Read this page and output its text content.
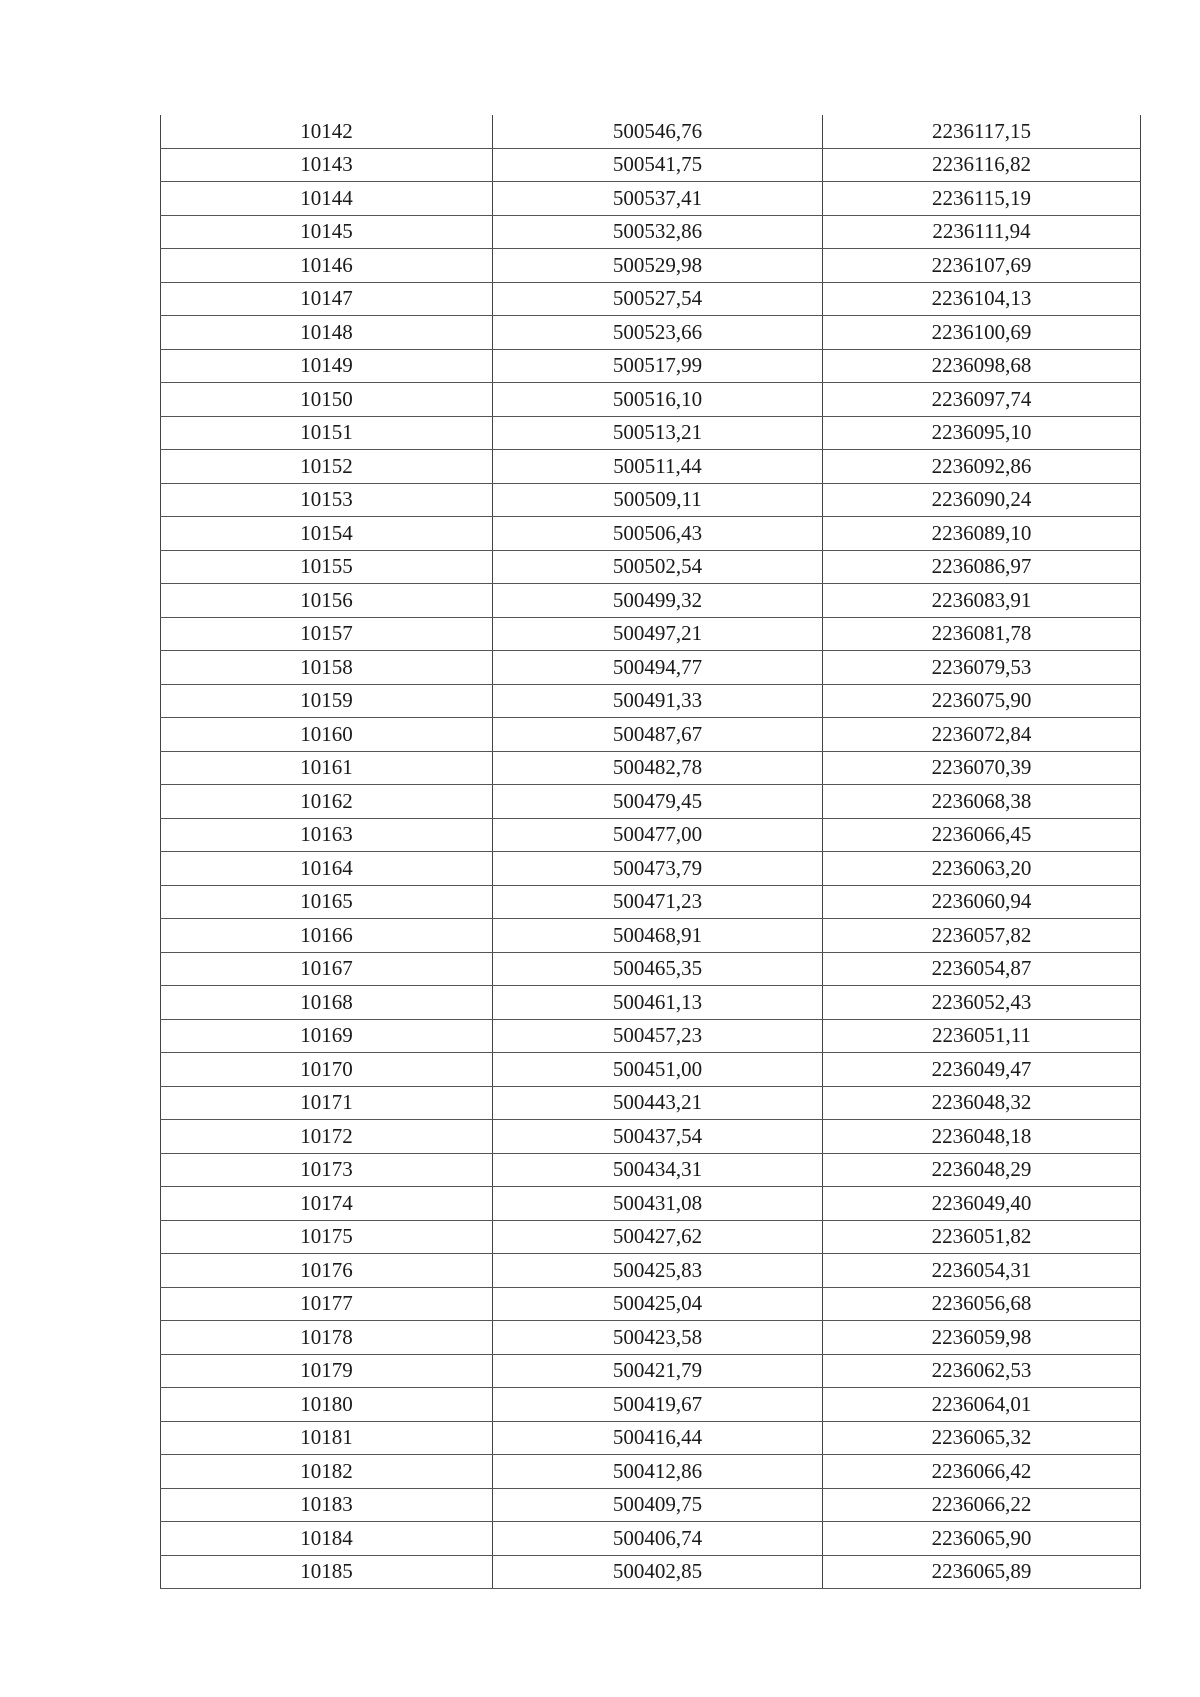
10142	500546,76	2236117,15
10143	500541,75	2236116,82
10144	500537,41	2236115,19
10145	500532,86	2236111,94
10146	500529,98	2236107,69
10147	500527,54	2236104,13
10148	500523,66	2236100,69
10149	500517,99	2236098,68
10150	500516,10	2236097,74
10151	500513,21	2236095,10
10152	500511,44	2236092,86
10153	500509,11	2236090,24
10154	500506,43	2236089,10
10155	500502,54	2236086,97
10156	500499,32	2236083,91
10157	500497,21	2236081,78
10158	500494,77	2236079,53
10159	500491,33	2236075,90
10160	500487,67	2236072,84
10161	500482,78	2236070,39
10162	500479,45	2236068,38
10163	500477,00	2236066,45
10164	500473,79	2236063,20
10165	500471,23	2236060,94
10166	500468,91	2236057,82
10167	500465,35	2236054,87
10168	500461,13	2236052,43
10169	500457,23	2236051,11
10170	500451,00	2236049,47
10171	500443,21	2236048,32
10172	500437,54	2236048,18
10173	500434,31	2236048,29
10174	500431,08	2236049,40
10175	500427,62	2236051,82
10176	500425,83	2236054,31
10177	500425,04	2236056,68
10178	500423,58	2236059,98
10179	500421,79	2236062,53
10180	500419,67	2236064,01
10181	500416,44	2236065,32
10182	500412,86	2236066,42
10183	500409,75	2236066,22
10184	500406,74	2236065,90
10185	500402,85	2236065,89
